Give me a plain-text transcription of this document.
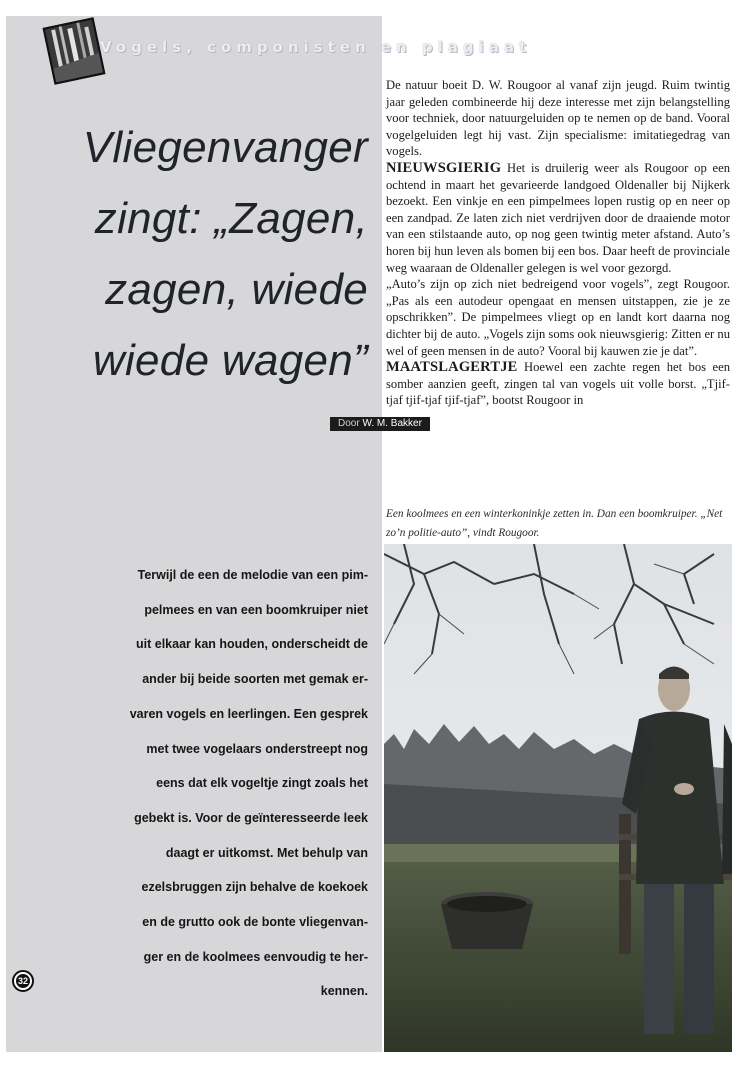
Vogels, componisten en plagiaat
Vliegenvanger
zingt: „Zagen,
zagen, wiede
wiede wagen”
Door W. M. Bakker
Terwijl de een de melodie van een pim-
pelmees en van een boomkruiper niet
uit elkaar kan houden, onderscheidt de
ander bij beide soorten met gemak er-
varen vogels en leerlingen. Een gesprek
met twee vogelaars onderstreept nog
eens dat elk vogeltje zingt zoals het
gebekt is. Voor de geïnteresseerde leek
daagt er uitkomst. Met behulp van
ezelsbruggen zijn behalve de koekoek
en de grutto ook de bonte vliegenvan-
ger en de koolmees eenvoudig te her-
kennen.
32

De natuur boeit D. W. Rougoor al vanaf zijn jeugd. Ruim twintig jaar geleden combineerde hij deze interesse met zijn belangstelling voor techniek, door natuurgeluiden op te nemen op de band. Vooral vogelgeluiden legt hij vast. Zijn specialisme: imitatiegedrag van vogels.

NIEUWSGIERIG Het is druilerig weer als Rougoor op een ochtend in maart het gevarieerde landgoed Oldenaller bij Nijkerk bezoekt. Een vinkje en een pimpelmees lopen rustig op en neer op een zandpad. Ze laten zich niet verdrijven door de draaiende motor van een stilstaande auto, op nog geen twintig meter afstand. Auto’s horen bij hun leven als bomen bij een bos. Daar heeft de provinciale weg waaraan de Oldenaller gelegen is wel voor gezorgd.

„Auto’s zijn op zich niet bedreigend voor vogels”, zegt Rougoor. „Pas als een autodeur opengaat en mensen uitstappen, zie je ze opschrikken”. De pimpelmees vliegt op en landt kort daarna nog dichter bij de auto. „Vogels zijn soms ook nieuwsgierig: Zitten er nu wel of geen mensen in de auto? Vooral bij kauwen zie je dat”.

MAATSLAGERTJE Hoewel een zachte regen het bos een somber aanzien geeft, zingen tal van vogels uit volle borst. „Tjif-tjaf tjif-tjaf tjif-tjaf”, bootst Rougoor in

Een koolmees en een winterkoninkje zetten in. Dan een boomkruiper. „Net zo’n politie-auto”, vindt Rougoor.
